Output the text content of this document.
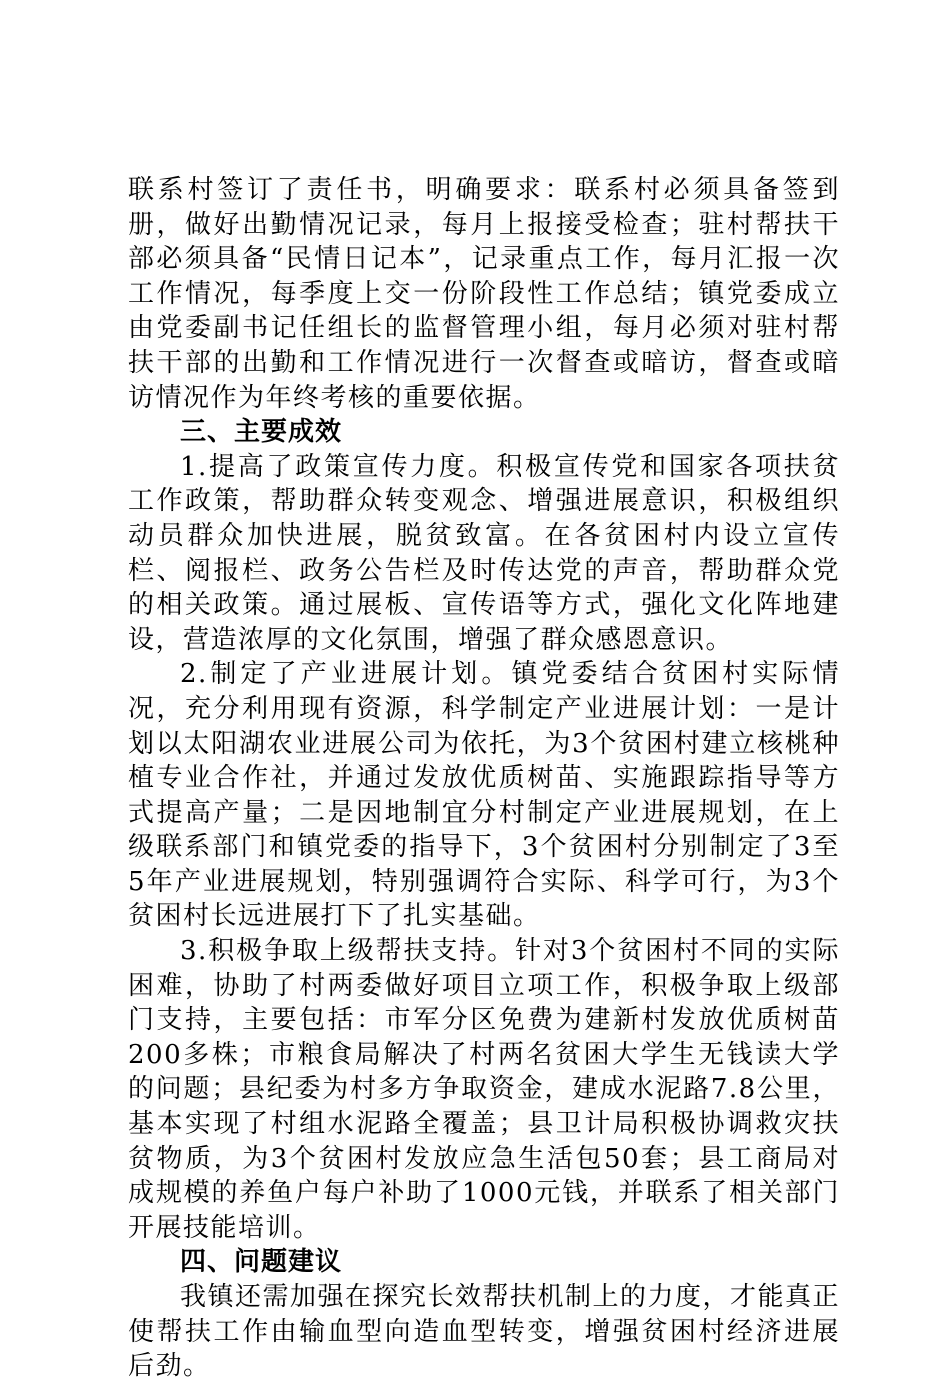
联系村签订了责任书，明确要求：联系村必须具备签到册，做好出勤情况记录，每月上报接受检查；驻村帮扶干部必须具备“民情日记本”，记录重点工作，每月汇报一次工作情况，每季度上交一份阶段性工作总结；镇党委成立由党委副书记任组长的监督管理小组，每月必须对驻村帮扶干部的出勤和工作情况进行一次督查或暗访，督查或暗访情况作为年终考核的重要依据。

三、主要成效

1.提高了政策宣传力度。积极宣传党和国家各项扶贫工作政策，帮助群众转变观念、增强进展意识，积极组织动员群众加快进展，脱贫致富。在各贫困村内设立宣传栏、阅报栏、政务公告栏及时传达党的声音，帮助群众党的相关政策。通过展板、宣传语等方式，强化文化阵地建设，营造浓厚的文化氛围，增强了群众感恩意识。

2.制定了产业进展计划。镇党委结合贫困村实际情况，充分利用现有资源，科学制定产业进展计划：一是计划以太阳湖农业进展公司为依托，为3个贫困村建立核桃种植专业合作社，并通过发放优质树苗、实施跟踪指导等方式提高产量；二是因地制宜分村制定产业进展规划，在上级联系部门和镇党委的指导下，3个贫困村分别制定了3至5年产业进展规划，特别强调符合实际、科学可行，为3个贫困村长远进展打下了扎实基础。

3.积极争取上级帮扶支持。针对3个贫困村不同的实际困难，协助了村两委做好项目立项工作，积极争取上级部门支持，主要包括：市军分区免费为建新村发放优质树苗200多株；市粮食局解决了村两名贫困大学生无钱读大学的问题；县纪委为村多方争取资金，建成水泥路7.8公里，基本实现了村组水泥路全覆盖；县卫计局积极协调救灾扶贫物质，为3个贫困村发放应急生活包50套；县工商局对成规模的养鱼户每户补助了1000元钱，并联系了相关部门开展技能培训。

四、问题建议

我镇还需加强在探究长效帮扶机制上的力度，才能真正使帮扶工作由输血型向造血型转变，增强贫困村经济进展后劲。
